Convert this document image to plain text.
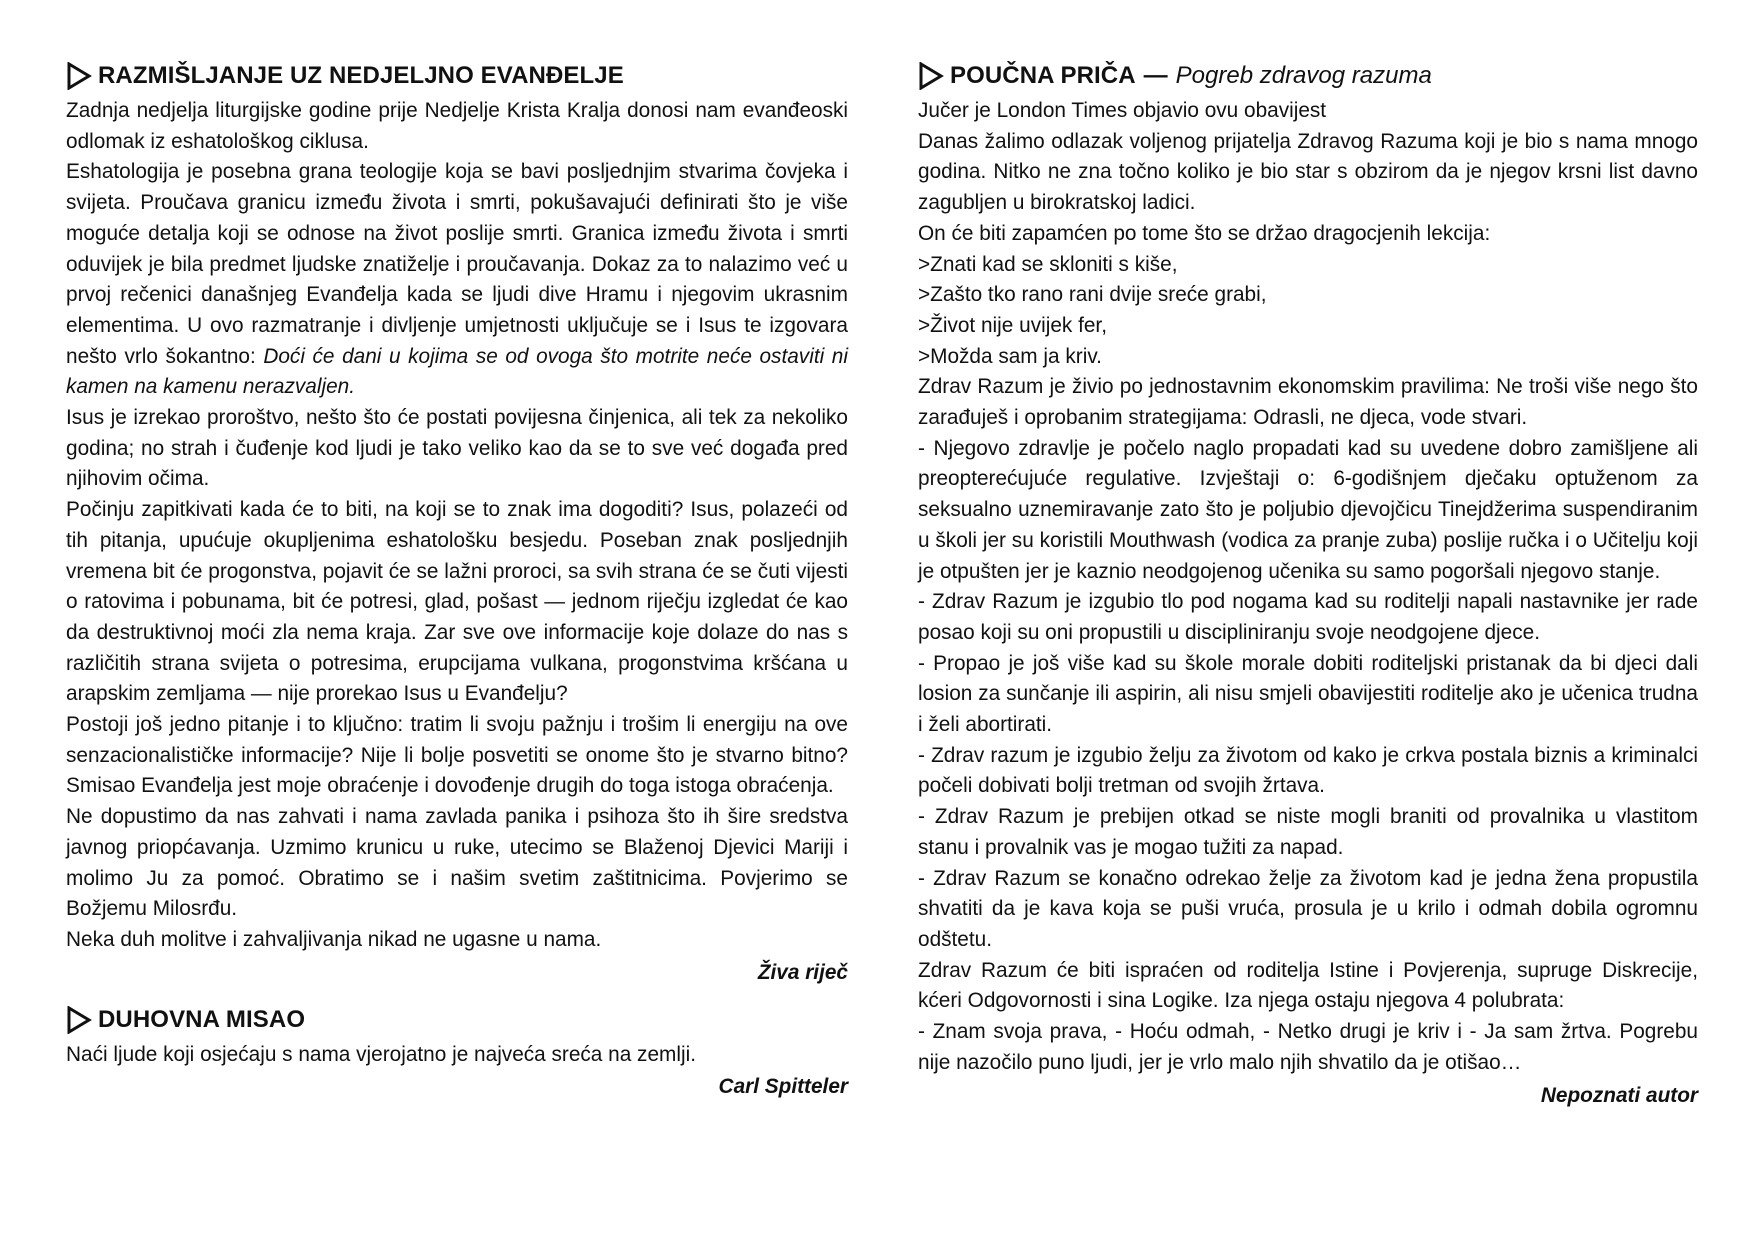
RAZMIŠLJANJE UZ NEDJELJNO EVANĐELJE

Zadnja nedjelja liturgijske godine prije Nedjelje Krista Kralja donosi nam evanđeoski odlomak iz eshatološkog ciklusa.

Eshatologija je posebna grana teologije koja se bavi posljednjim stvarima čovjeka i svijeta. Proučava granicu između života i smrti, pokušavajući definirati što je više moguće detalja koji se odnose na život poslije smrti. Granica između života i smrti oduvijek je bila predmet ljudske znatiželje i proučavanja. Dokaz za to nalazimo već u prvoj rečenici današnjeg Evanđelja kada se ljudi dive Hramu i njegovim ukrasnim elementima. U ovo razmatranje i divljenje umjetnosti uključuje se i Isus te izgovara nešto vrlo šokantno: Doći će dani u kojima se od ovoga što motrite neće ostaviti ni kamen na kamenu nerazvaljen.

Isus je izrekao proroštvo, nešto što će postati povijesna činjenica, ali tek za nekoliko godina; no strah i čuđenje kod ljudi je tako veliko kao da se to sve već događa pred njihovim očima.

Počinju zapitkivati kada će to biti, na koji se to znak ima dogoditi? Isus, polazeći od tih pitanja, upućuje okupljenima eshatološku besjedu. Poseban znak posljednjih vremena bit će progonstva, pojavit će se lažni proroci, sa svih strana će se čuti vijesti o ratovima i pobunama, bit će potresi, glad, pošast — jednom riječju izgledat će kao da destruktivnoj moći zla nema kraja. Zar sve ove informacije koje dolaze do nas s različitih strana svijeta o potresima, erupcijama vulkana, progonstvima kršćana u arapskim zemljama — nije prorekao Isus u Evanđelju?

Postoji još jedno pitanje i to ključno: tratim li svoju pažnju i trošim li energiju na ove senzacionalističke informacije? Nije li bolje posvetiti se onome što je stvarno bitno? Smisao Evanđelja jest moje obraćenje i dovođenje drugih do toga istoga obraćenja.

Ne dopustimo da nas zahvati i nama zavlada panika i psihoza što ih šire sredstva javnog priopćavanja. Uzmimo krunicu u ruke, utecimo se Blaženoj Djevici Mariji i molimo Ju za pomoć. Obratimo se i našim svetim zaštitnicima. Povjerimo se Božjemu Milosrđu.

Neka duh molitve i zahvaljivanja nikad ne ugasne u nama.

Živa riječ
DUHOVNA MISAO

Naći ljude koji osjećaju s nama vjerojatno je najveća sreća na zemlji.

Carl Spitteler
POUČNA PRIČA — Pogreb zdravog razuma

Jučer je London Times objavio ovu obavijest

Danas žalimo odlazak voljenog prijatelja Zdravog Razuma koji je bio s nama mnogo godina. Nitko ne zna točno koliko je bio star s obzirom da je njegov krsni list davno zagubljen u birokratskoj ladici.

On će biti zapamćen po tome što se držao dragocjenih lekcija:

>Znati kad se skloniti s kiše,

>Zašto tko rano rani dvije sreće grabi,

>Život nije uvijek fer,

>Možda sam ja kriv.

Zdrav Razum je živio po jednostavnim ekonomskim pravilima: Ne troši više nego što zarađuješ i oprobanim strategijama: Odrasli, ne djeca, vode stvari.

- Njegovo zdravlje je počelo naglo propadati kad su uvedene dobro zamišljene ali preopterećujuće regulative. Izvještaji o: 6-godišnjem dječaku optuženom za seksualno uznemiravanje zato što je poljubio djevojčicu Tinejdžerima suspendiranim u školi jer su koristili Mouthwash (vodica za pranje zuba) poslije ručka i o Učitelju koji je otpušten jer je kaznio neodgojenog učenika su samo pogoršali njegovo stanje.

- Zdrav Razum je izgubio tlo pod nogama kad su roditelji napali nastavnike jer rade posao koji su oni propustili u discipliniranju svoje neodgojene djece.

- Propao je još više kad su škole morale dobiti roditeljski pristanak da bi djeci dali losion za sunčanje ili aspirin, ali nisu smjeli obavijestiti roditelje ako je učenica trudna i želi abortirati.

- Zdrav razum je izgubio želju za životom od kako je crkva postala biznis a kriminalci počeli dobivati bolji tretman od svojih žrtava.

- Zdrav Razum je prebijen otkad se niste mogli braniti od provalnika u vlastitom stanu i provalnik vas je mogao tužiti za napad.

- Zdrav Razum se konačno odrekao želje za životom kad je jedna žena propustila shvatiti da je kava koja se puši vruća, prosula je u krilo i odmah dobila ogromnu odštetu.

Zdrav Razum će biti ispraćen od roditelja Istine i Povjerenja, supruge Diskrecije, kćeri Odgovornosti i sina Logike. Iza njega ostaju njegova 4 polubrata:

- Znam svoja prava, - Hoću odmah, - Netko drugi je kriv i - Ja sam žrtva. Pogrebu nije nazočilo puno ljudi, jer je vrlo malo njih shvatilo da je otišao…

Nepoznati autor
